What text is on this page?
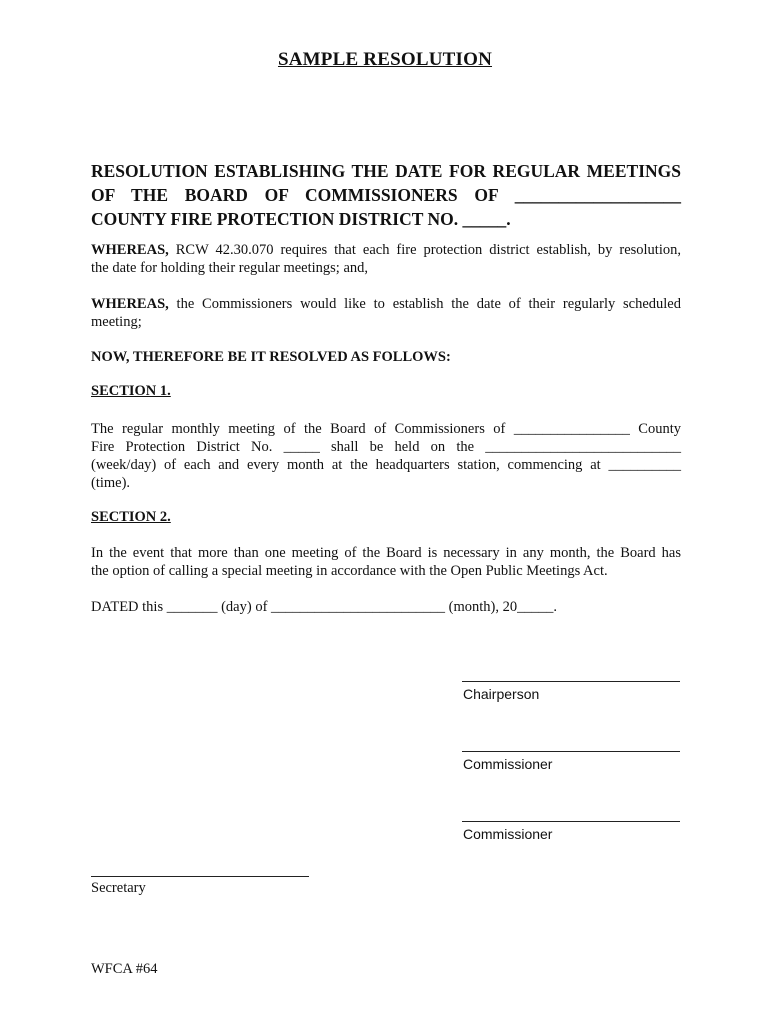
SAMPLE RESOLUTION
RESOLUTION ESTABLISHING THE DATE FOR REGULAR MEETINGS
OF THE BOARD OF COMMISSIONERS OF ___________________
COUNTY FIRE PROTECTION DISTRICT NO. _____.
WHEREAS, RCW 42.30.070 requires that each fire protection district establish, by resolution,
the date for holding their regular meetings; and,
WHEREAS, the Commissioners would like to establish the date of their regularly scheduled
meeting;
NOW, THEREFORE BE IT RESOLVED AS FOLLOWS:
SECTION 1.
The regular monthly meeting of the Board of Commissioners of ________________ County
Fire Protection District No. _____ shall be held on the ___________________________
(week/day) of each and every month at the headquarters station, commencing at __________
(time).
SECTION 2.
In the event that more than one meeting of the Board is necessary in any month, the Board has
the option of calling a special meeting in accordance with the Open Public Meetings Act.
DATED this _______ (day) of ________________________ (month), 20_____.
Chairperson
Commissioner
Commissioner
Secretary
WFCA #64
